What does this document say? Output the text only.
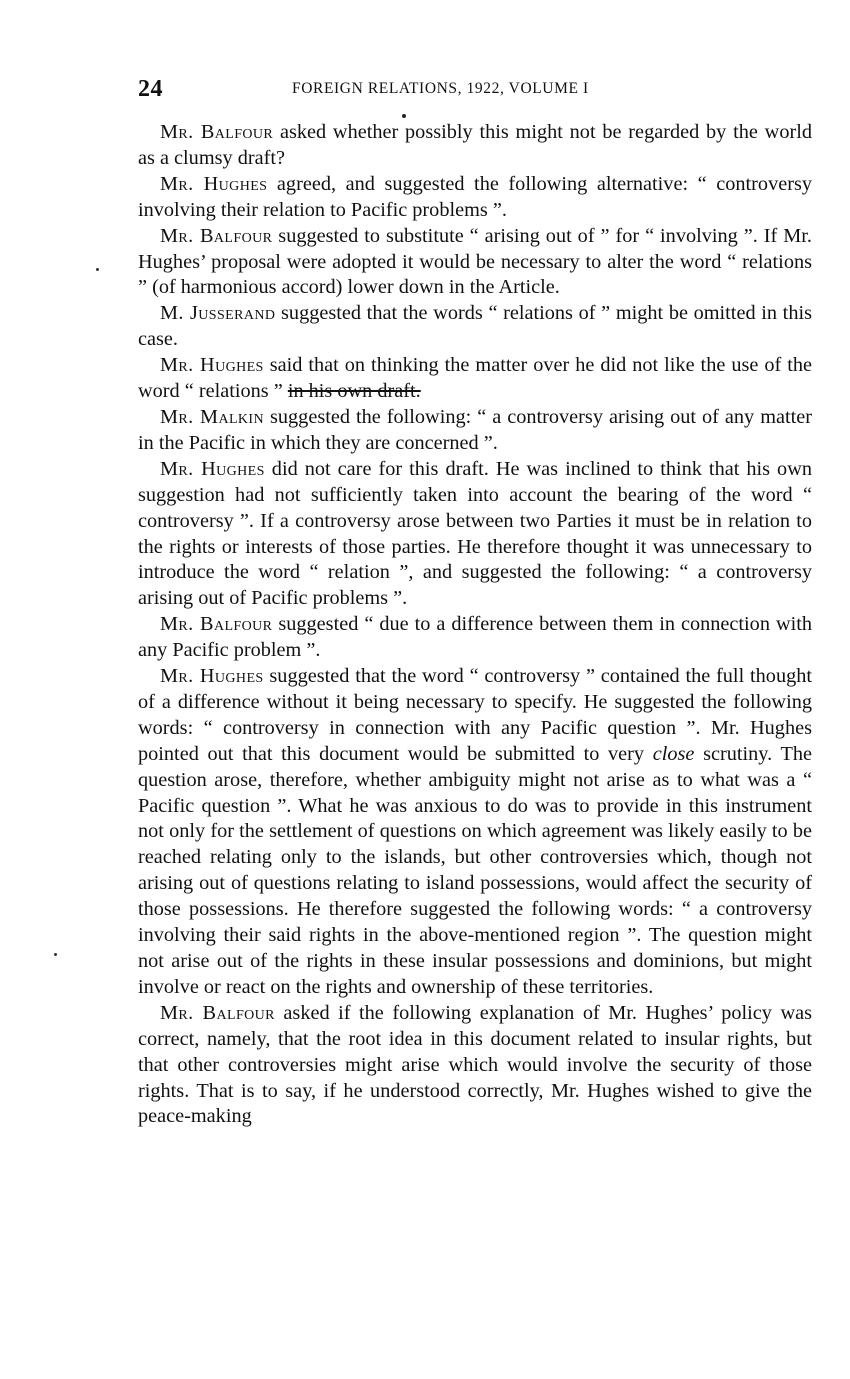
24	FOREIGN RELATIONS, 1922, VOLUME I

Mr. Balfour asked whether possibly this might not be regarded by the world as a clumsy draft?

Mr. Hughes agreed, and suggested the following alternative: “ controversy involving their relation to Pacific problems ”.

Mr. Balfour suggested to substitute “ arising out of ” for “ involving ”. If Mr. Hughes’ proposal were adopted it would be necessary to alter the word “ relations ” (of harmonious accord) lower down in the Article.

M. Jusserand suggested that the words “ relations of ” might be omitted in this case.

Mr. Hughes said that on thinking the matter over he did not like the use of the word “ relations ” in his own draft.

Mr. Malkin suggested the following: “ a controversy arising out of any matter in the Pacific in which they are concerned ”.

Mr. Hughes did not care for this draft. He was inclined to think that his own suggestion had not sufficiently taken into account the bearing of the word “ controversy ”. If a controversy arose between two Parties it must be in relation to the rights or interests of those parties. He therefore thought it was unnecessary to introduce the word “ relation ”, and suggested the following: “ a controversy arising out of Pacific problems ”.

Mr. Balfour suggested “ due to a difference between them in connection with any Pacific problem ”.

Mr. Hughes suggested that the word “ controversy ” contained the full thought of a difference without it being necessary to specify. He suggested the following words: “ controversy in connection with any Pacific question ”. Mr. Hughes pointed out that this document would be submitted to very close scrutiny. The question arose, therefore, whether ambiguity might not arise as to what was a “ Pacific question ”. What he was anxious to do was to provide in this instrument not only for the settlement of questions on which agreement was likely easily to be reached relating only to the islands, but other controversies which, though not arising out of questions relating to island possessions, would affect the security of those possessions. He therefore suggested the following words: “ a controversy involving their said rights in the above-mentioned region ”. The question might not arise out of the rights in these insular possessions and dominions, but might involve or react on the rights and ownership of these territories.

Mr. Balfour asked if the following explanation of Mr. Hughes’ policy was correct, namely, that the root idea in this document related to insular rights, but that other controversies might arise which would involve the security of those rights. That is to say, if he understood correctly, Mr. Hughes wished to give the peace-making
